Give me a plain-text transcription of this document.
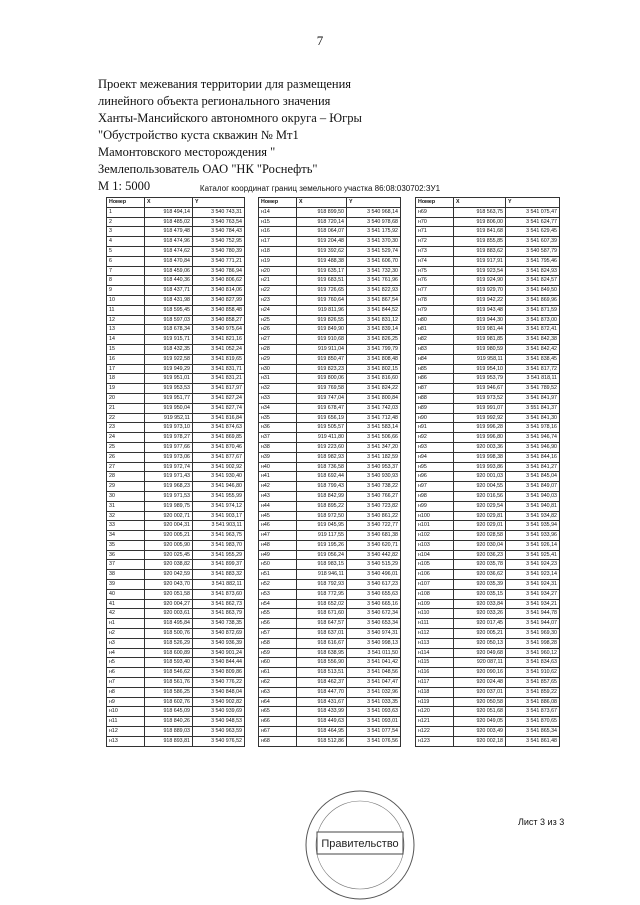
7
Проект межевания территории для размещения
линейного объекта регионального значения
Ханты-Мансийского автономного округа – Югры
"Обустройство куста скважин № Мт1
Мамонтовского месторождения "
Землепользователь ОАО "НК "Роснефть"
М 1: 5000	Каталог координат границ земельного участка 86:08:030702:ЗУ1
Номер	X	Y
1	918 494,14	3 540 743,31
2	918 485,02	3 540 763,54
3	918 479,48	3 540 784,43
4	918 474,96	3 540 752,95
5	918 474,62	3 540 780,39
6	918 470,84	3 540 771,21
7	918 459,06	3 540 786,94
8	918 440,36	3 540 806,62
9	918 437,71	3 540 814,06
10	918 431,98	3 540 827,99
11	918 595,45	3 540 858,48
12	918 597,03	3 540 858,27
13	918 678,34	3 540 975,64
14	919 915,71	3 541 821,16
15	918 432,35	3 541 052,24
16	919 922,58	3 541 819,65
17	919 949,29	3 541 831,71
18	919 951,01	3 541 831,21
19	919 953,53	3 541 817,97
20	919 951,77	3 541 827,24
21	919 950,04	3 541 827,74
22	919 952,11	3 541 816,84
23	919 973,10	3 541 874,63
24	919 978,27	3 541 869,85
25	919 977,66	3 541 870,46
26	919 973,06	3 541 877,67
27	919 972,74	3 541 902,92
28	919 971,43	3 541 930,40
29	919 968,23	3 541 946,80
30	919 971,53	3 541 955,99
31	919 989,75	3 541 974,12
32	920 002,71	3 541 903,17
33	920 004,31	3 541 903,11
34	920 005,21	3 541 963,75
35	920 005,90	3 541 983,70
36	920 025,45	3 541 955,29
37	920 038,82	3 541 899,37
38	920 042,59	3 541 883,32
39	920 043,70	3 541 882,11
40	920 051,58	3 541 873,60
41	920 004,27	3 541 862,73
42	920 003,61	3 541 863,79
н1	918 495,84	3 540 738,35
н2	918 500,76	3 540 872,69
н3	918 526,29	3 540 936,39
н4	918 600,89	3 540 901,24
н5	918 593,40	3 540 844,44
н6	918 546,62	3 540 809,86
н7	918 561,76	3 540 776,22
н8	918 586,25	3 540 848,04
н9	918 602,76	3 540 902,82
н10	918 645,09	3 540 939,69
н11	918 840,26	3 540 948,53
н12	918 889,03	3 540 963,59
н13	918 893,81	3 540 976,52
Номер	X	Y
н14	918 899,50	3 540 968,14
н15	918 720,14	3 540 978,68
н16	918 064,07	3 541 175,92
н17	919 204,48	3 541 370,30
н18	919 392,62	3 541 529,74
н19	919 488,38	3 541 606,70
н20	919 635,17	3 541 732,30
н21	919 683,51	3 541 761,96
н22	919 726,65	3 541 822,93
н23	919 760,64	3 541 867,54
н24	919 811,96	3 541 844,52
н25	919 826,55	3 541 831,12
н26	919 849,90	3 541 839,14
н27	919 910,68	3 541 826,25
н28	919 911,04	3 541 799,79
н29	919 850,47	3 541 808,48
н30	919 823,23	3 541 802,15
н31	919 800,06	3 541 816,60
н32	919 769,58	3 541 824,22
н33	919 747,04	3 541 800,84
н34	919 678,47	3 541 742,03
н35	919 656,19	3 541 712,48
н36	919 505,57	3 541 583,14
н37	919 411,80	3 541 506,66
н38	919 223,60	3 541 347,20
н39	918 982,93	3 541 182,59
н40	918 736,58	3 540 953,37
н41	918 692,44	3 540 930,93
н42	918 799,43	3 540 738,22
н43	918 842,99	3 540 766,27
н44	918 895,22	3 540 723,82
н45	918 972,50	3 540 861,22
н46	919 045,95	3 540 722,77
н47	919 117,55	3 540 681,38
н48	919 195,26	3 540 620,71
н49	919 056,24	3 540 442,82
н50	918 983,15	3 540 515,29
н51	918 946,11	3 540 496,01
н52	918 792,93	3 540 617,23
н53	918 772,95	3 540 655,63
н54	918 652,02	3 540 665,16
н55	918 671,60	3 540 672,34
н56	918 647,57	3 540 653,34
н57	918 637,01	3 540 974,31
н58	918 616,67	3 540 998,13
н59	918 638,95	3 541 011,50
н60	918 556,90	3 541 041,42
н61	918 513,51	3 541 048,56
н62	918 462,37	3 541 047,47
н63	918 447,70	3 541 032,96
н64	918 431,67	3 541 033,35
н65	918 433,99	3 541 093,63
н66	918 449,63	3 541 093,01
н67	918 464,95	3 541 077,54
н68	918 512,86	3 541 076,56
Номер	X	Y
н69	918 563,75	3 541 075,47
н70	919 806,00	3 541 624,77
н71	919 841,68	3 541 629,45
н72	919 855,85	3 541 607,39
н73	919 883,62	3 540 587,79
н74	919 917,91	3 541 795,46
н75	919 923,54	3 541 824,93
н76	919 924,90	3 541 824,57
н77	919 929,70	3 541 849,50
н78	919 942,22	3 541 869,96
н79	919 943,48	3 541 871,59
н80	919 944,30	3 541 873,00
н81	919 981,44	3 541 872,41
н82	919 981,85	3 541 842,38
н83	919 980,59	3 541 842,42
н84	919 958,11	3 541 838,45
н85	919 954,10	3 541 817,72
н86	919 953,79	3 541 818,11
н87	919 946,67	3 541 789,52
н88	919 973,52	3 541 841,97
н89	919 991,07	3 551 841,37
н90	919 992,92	3 541 841,30
н91	919 996,28	3 541 978,16
н92	919 996,80	3 541 946,74
н93	920 003,36	3 541 946,90
н94	919 998,38	3 541 844,16
н95	919 993,86	3 541 841,27
н96	920 001,03	3 541 845,04
н97	920 004,55	3 541 849,07
н98	920 016,56	3 541 940,03
н99	920 029,54	3 541 940,81
н100	920 029,81	3 541 934,82
н101	920 029,01	3 541 935,94
н102	920 028,58	3 541 933,96
н103	920 030,04	3 541 926,14
н104	920 036,23	3 541 925,41
н105	920 035,78	3 541 924,23
н106	920 036,62	3 541 923,14
н107	920 035,39	3 541 924,31
н108	920 035,15	3 541 934,27
н109	920 033,84	3 541 934,21
н110	920 033,26	3 541 944,78
н111	920 017,45	3 541 944,07
н112	920 005,21	3 541 969,30
н113	920 050,13	3 541 998,28
н114	920 049,68	3 541 960,12
н115	920 087,11	3 541 834,63
н116	920 090,16	3 541 910,62
н117	920 024,48	3 541 857,65
н118	920 037,01	3 541 859,22
н119	920 050,58	3 541 886,08
н120	920 051,68	3 541 873,67
н121	920 049,05	3 541 870,65
н122	920 003,49	3 541 865,34
н123	920 002,18	3 541 861,48
Лист 3 из 3
Правительство
